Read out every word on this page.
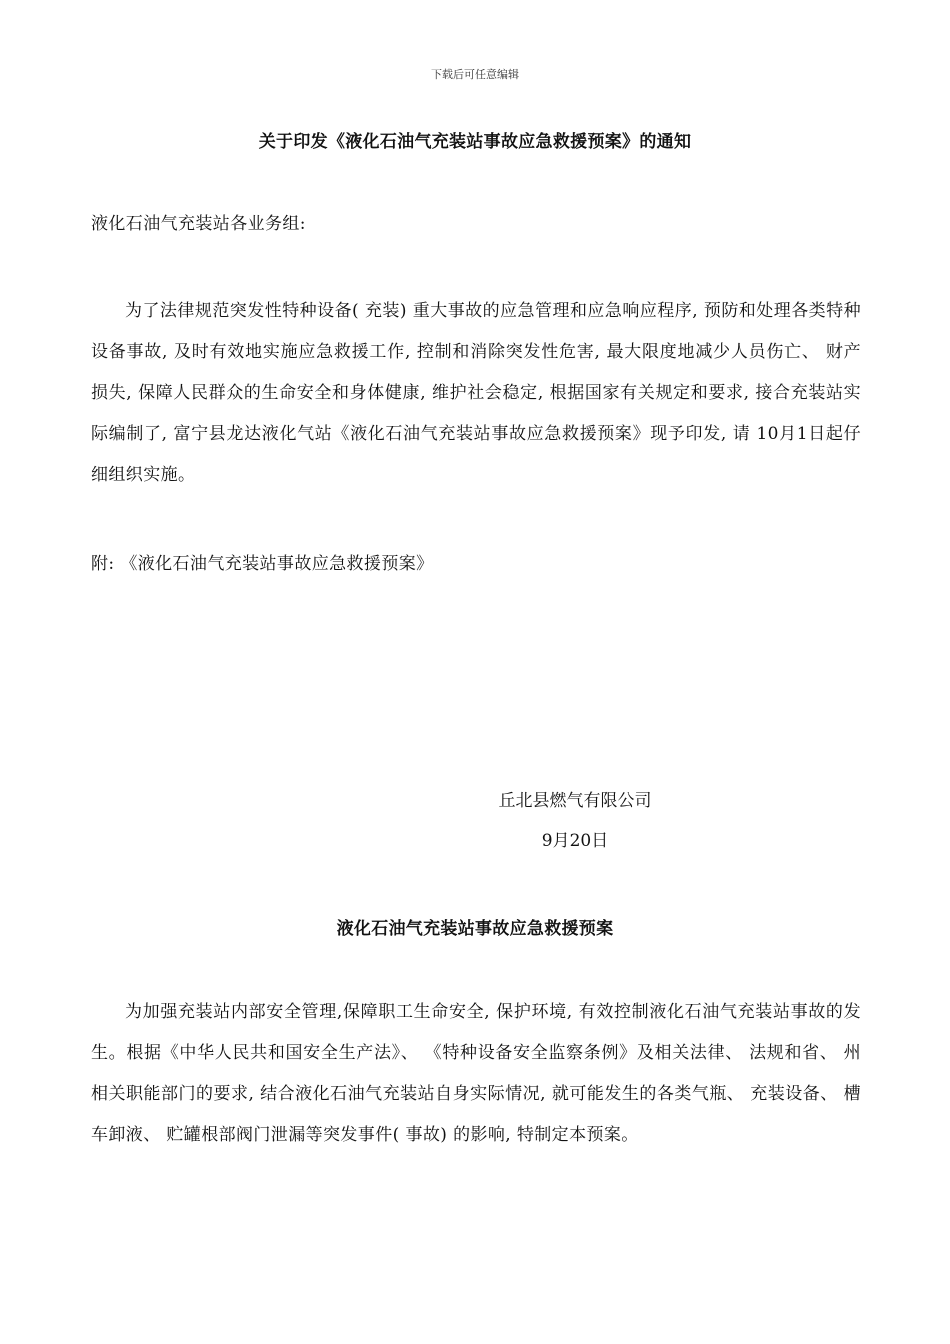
下载后可任意编辑
关于印发《液化石油气充装站事故应急救援预案》的通知
液化石油气充装站各业务组:
为了法律规范突发性特种设备( 充装) 重大事故的应急管理和应急响应程序, 预防和处理各类特种设备事故, 及时有效地实施应急救援工作, 控制和消除突发性危害, 最大限度地减少人员伤亡、 财产损失, 保障人民群众的生命安全和身体健康, 维护社会稳定, 根据国家有关规定和要求, 接合充装站实际编制了, 富宁县龙达液化气站《液化石油气充装站事故应急救援预案》现予印发, 请 10月1日起仔细组织实施。
附: 《液化石油气充装站事故应急救援预案》
丘北县燃气有限公司
9月20日
液化石油气充装站事故应急救援预案
为加强充装站内部安全管理,保障职工生命安全, 保护环境, 有效控制液化石油气充装站事故的发生。根据《中华人民共和国安全生产法》、 《特种设备安全监察条例》及相关法律、 法规和省、 州相关职能部门的要求, 结合液化石油气充装站自身实际情况, 就可能发生的各类气瓶、 充装设备、 槽车卸液、 贮罐根部阀门泄漏等突发事件( 事故) 的影响, 特制定本预案。
